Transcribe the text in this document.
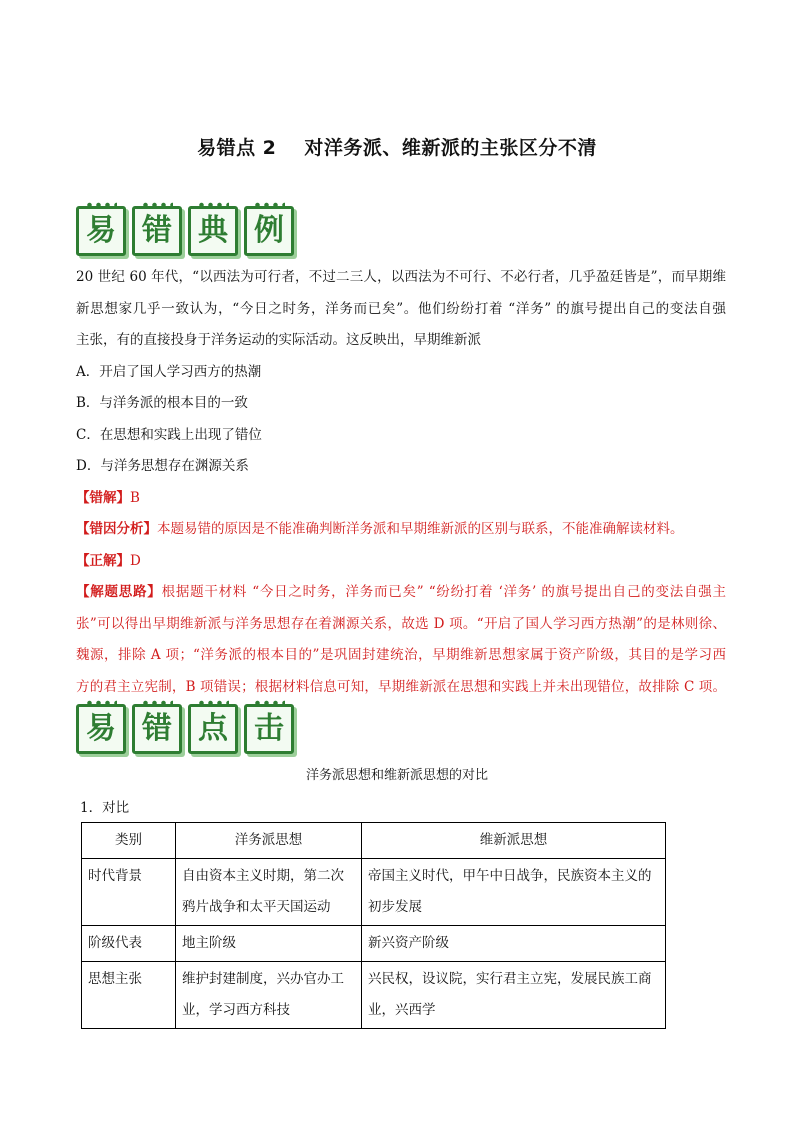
易错点 2 对洋务派、维新派的主张区分不清
易 错 典 例
20 世纪 60 年代，“以西法为可行者，不过二三人，以西法为不可行、不必行者，几乎盈廷皆是”，而早期维
新思想家几乎一致认为，“今日之时务，洋务而已矣”。他们纷纷打着 “洋务” 的旗号提出自己的变法自强
主张，有的直接投身于洋务运动的实际活动。这反映出，早期维新派
A．开启了国人学习西方的热潮
B．与洋务派的根本目的一致
C．在思想和实践上出现了错位
D．与洋务思想存在渊源关系
【错解】B
【错因分析】本题易错的原因是不能准确判断洋务派和早期维新派的区别与联系，不能准确解读材料。
【正解】D
【解题思路】根据题干材料 “今日之时务，洋务而已矣” “纷纷打着 ‘洋务’ 的旗号提出自己的变法自强主
张”可以得出早期维新派与洋务思想存在着渊源关系，故选 D 项。“开启了国人学习西方热潮”的是林则徐、
魏源，排除 A 项；“洋务派的根本目的”是巩固封建统治，早期维新思想家属于资产阶级，其目的是学习西
方的君主立宪制，B 项错误；根据材料信息可知，早期维新派在思想和实践上并未出现错位，故排除 C 项。
易 错 点 击
洋务派思想和维新派思想的对比
1．对比
类别	洋务派思想	维新派思想
时代背景	自由资本主义时期，第二次鸦片战争和太平天国运动	帝国主义时代，甲午中日战争，民族资本主义的初步发展
阶级代表	地主阶级	新兴资产阶级
思想主张	维护封建制度，兴办官办工业，学习西方科技	兴民权，设议院，实行君主立宪，发展民族工商业，兴西学
